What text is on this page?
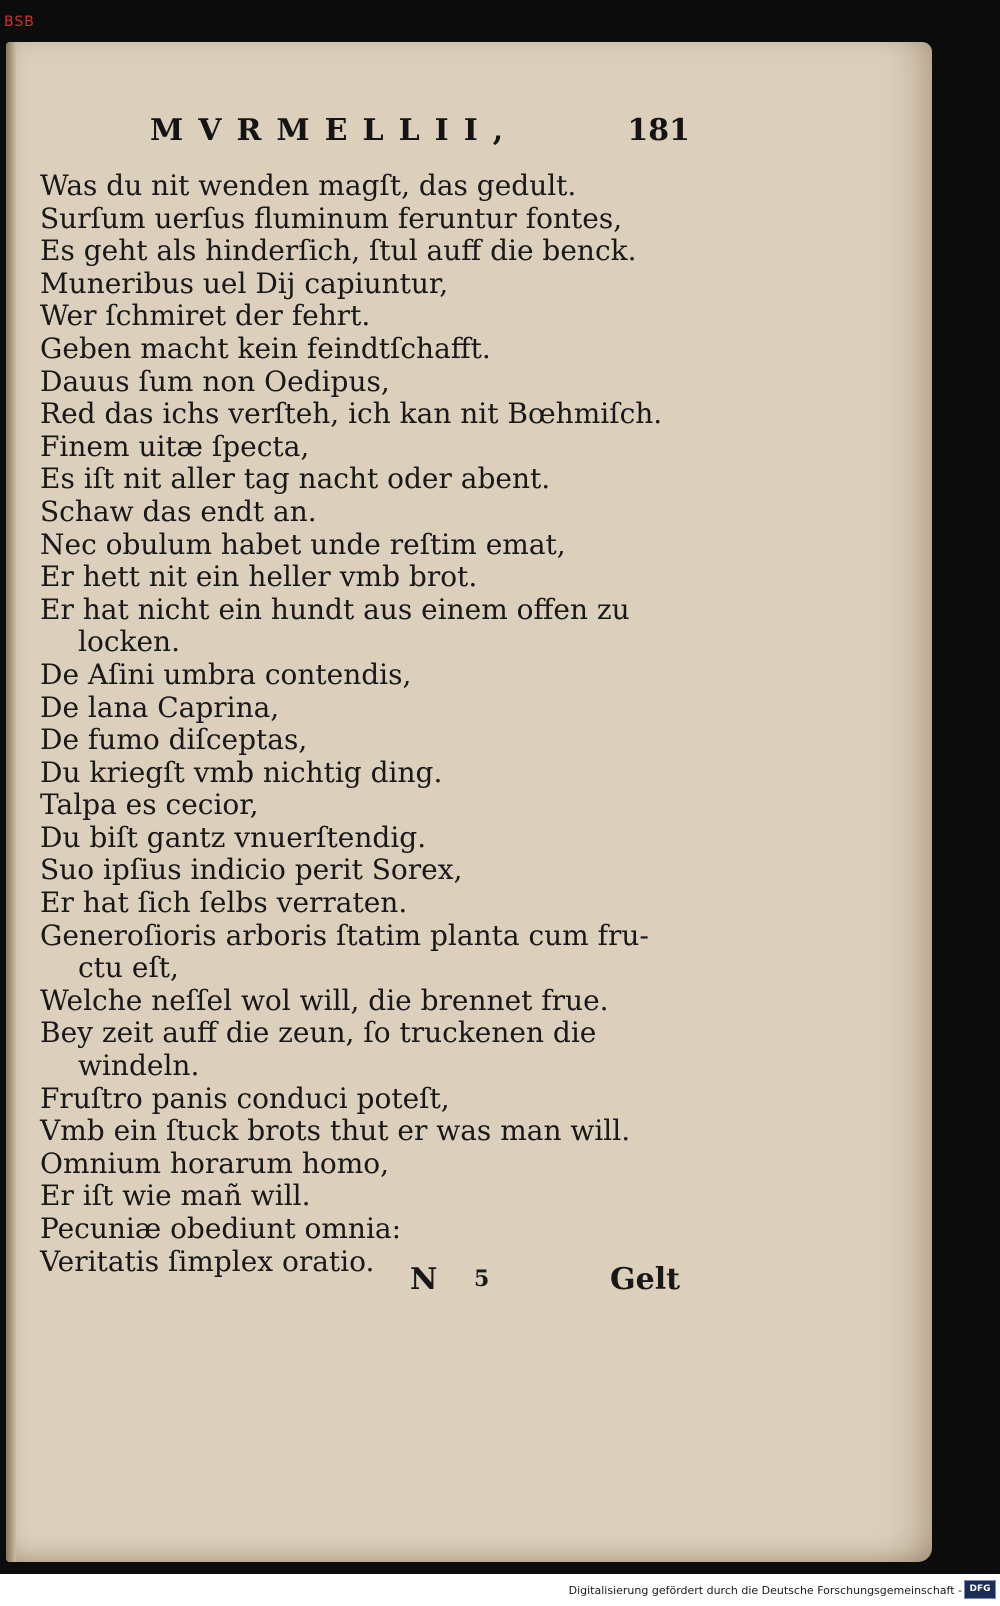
BSB
MVRMELLII,	181
Was du nit wenden magſt, das gedult.
Surſum uerſus fluminum feruntur fontes,
Es geht als hinderſich, ſtul auff die benck.
Muneribus uel Dij capiuntur,
Wer ſchmiret der fehrt.
Geben macht kein feindtſchafft.
Dauus ſum non Oedipus,
Red das ichs verſteh, ich kan nit Bœhmiſch.
Finem uitæ ſpecta,
Es iſt nit aller tag nacht oder abent.
Schaw das endt an.
Nec obulum habet unde reſtim emat,
Er hett nit ein heller vmb brot.
Er hat nicht ein hundt aus einem offen zu
locken.
De Aſini umbra contendis,
De lana Caprina,
De fumo diſceptas,
Du kriegſt vmb nichtig ding.
Talpa es cecior,
Du biſt gantz vnuerſtendig.
Suo ipſius indicio perit Sorex,
Er hat ſich ſelbs verraten.
Generoſioris arboris ſtatim planta cum fru-
ctu eſt,
Welche neſſel wol will, die brennet frue.
Bey zeit auff die zeun, ſo truckenen die
windeln.
Fruſtro panis conduci poteſt,
Vmb ein ſtuck brots thut er was man will.
Omnium horarum homo,
Er iſt wie mañ will.
Pecuniæ obediunt omnia:
Veritatis ſimplex oratio.
N 5	Gelt
Digitalisierung gefördert durch die Deutsche Forschungsgemeinschaft - DFG
